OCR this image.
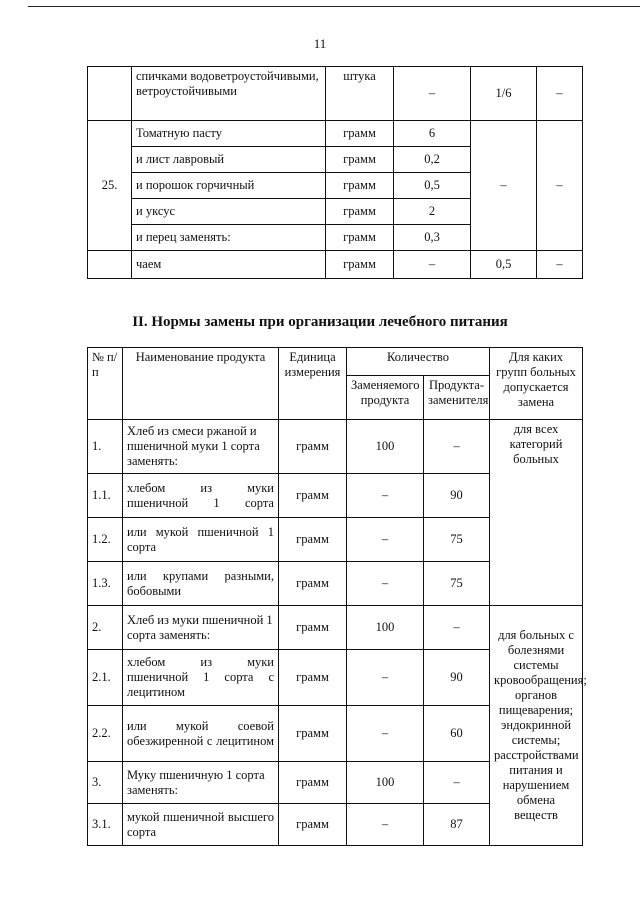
11
	спичками водоветроустойчивыми, ветроустойчивыми	штука	–	1/6	–
25.	Томатную пасту	грамм	6	–	–
	и лист лавровый	грамм	0,2		
	и порошок горчичный	грамм	0,5		
	и уксус	грамм	2		
	и перец заменять:	грамм	0,3		
	чаем	грамм	–	0,5	–
II. Нормы замены при организации лечебного питания
№ п/п	Наименование продукта	Единица измерения	Количество		Для каких групп больных допускается замена
			Заменяемого продукта	Продукта-заменителя	
1.	Хлеб из смеси ржаной и пшеничной муки 1 сорта заменять:	грамм	100	–	для всех категорий больных
1.1.	хлебом из муки пшеничной 1 сорта	грамм	–	90	
1.2.	или мукой пшеничной 1 сорта	грамм	–	75	
1.3.	или крупами разными, бобовыми	грамм	–	75	
2.	Хлеб из муки пшеничной 1 сорта заменять:	грамм	100	–	для больных с болезнями системы кровообращения; органов пищеварения; эндокринной системы; расстройствами питания и нарушением обмена веществ
2.1.	хлебом из муки пшеничной 1 сорта с лецитином	грамм	–	90	
2.2.	или мукой соевой обезжиренной с лецитином	грамм	–	60	
3.	Муку пшеничную 1 сорта заменять:	грамм	100	–	
3.1.	мукой пшеничной высшего сорта	грамм	–	87	
